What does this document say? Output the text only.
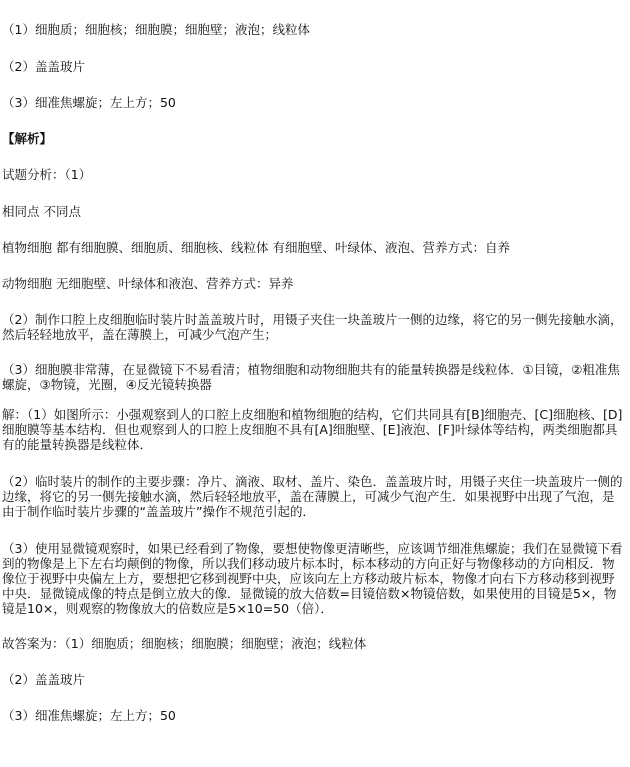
（1）细胞质；细胞核；细胞膜；细胞壁；液泡；线粒体
（2）盖盖玻片
（3）细准焦螺旋；左上方；50
【解析】
试题分析：（1）
相同点 不同点
植物细胞 都有细胞膜、细胞质、细胞核、线粒体 有细胞壁、叶绿体、液泡、营养方式：自养
动物细胞 无细胞壁、叶绿体和液泡、营养方式：异养
（2）制作口腔上皮细胞临时装片时盖盖玻片时，用镊子夹住一块盖玻片一侧的边缘，将它的另一侧先接触水滴，然后轻轻地放平，盖在薄膜上，可减少气泡产生；
（3）细胞膜非常薄，在显微镜下不易看清；植物细胞和动物细胞共有的能量转换器是线粒体．①目镜，②粗准焦螺旋，③物镜，光圈，④反光镜转换器
解：（1）如图所示：小强观察到人的口腔上皮细胞和植物细胞的结构，它们共同具有[B]细胞壳、[C]细胞核、[D]细胞膜等基本结构．但也观察到人的口腔上皮细胞不具有[A]细胞壁、[E]液泡、[F]叶绿体等结构，两类细胞都具有的能量转换器是线粒体．
（2）临时装片的制作的主要步骤：净片、滴液、取材、盖片、染色．盖盖玻片时，用镊子夹住一块盖玻片一侧的边缘，将它的另一侧先接触水滴，然后轻轻地放平，盖在薄膜上，可减少气泡产生．如果视野中出现了气泡，是由于制作临时装片步骤的“盖盖玻片”操作不规范引起的．
（3）使用显微镜观察时，如果已经看到了物像，要想使物像更清晰些，应该调节细准焦螺旋；我们在显微镜下看到的物像是上下左右均颠倒的物像，所以我们移动玻片标本时，标本移动的方向正好与物像移动的方向相反．物像位于视野中央偏左上方，要想把它移到视野中央，应该向左上方移动玻片标本，物像才向右下方移动移到视野中央．显微镜成像的特点是倒立放大的像．显微镜的放大倍数=目镜倍数×物镜倍数，如果使用的目镜是5×，物镜是10×，则观察的物像放大的倍数应是5×10=50（倍）．
故答案为：（1）细胞质；细胞核；细胞膜；细胞壁；液泡；线粒体
（2）盖盖玻片
（3）细准焦螺旋；左上方；50
